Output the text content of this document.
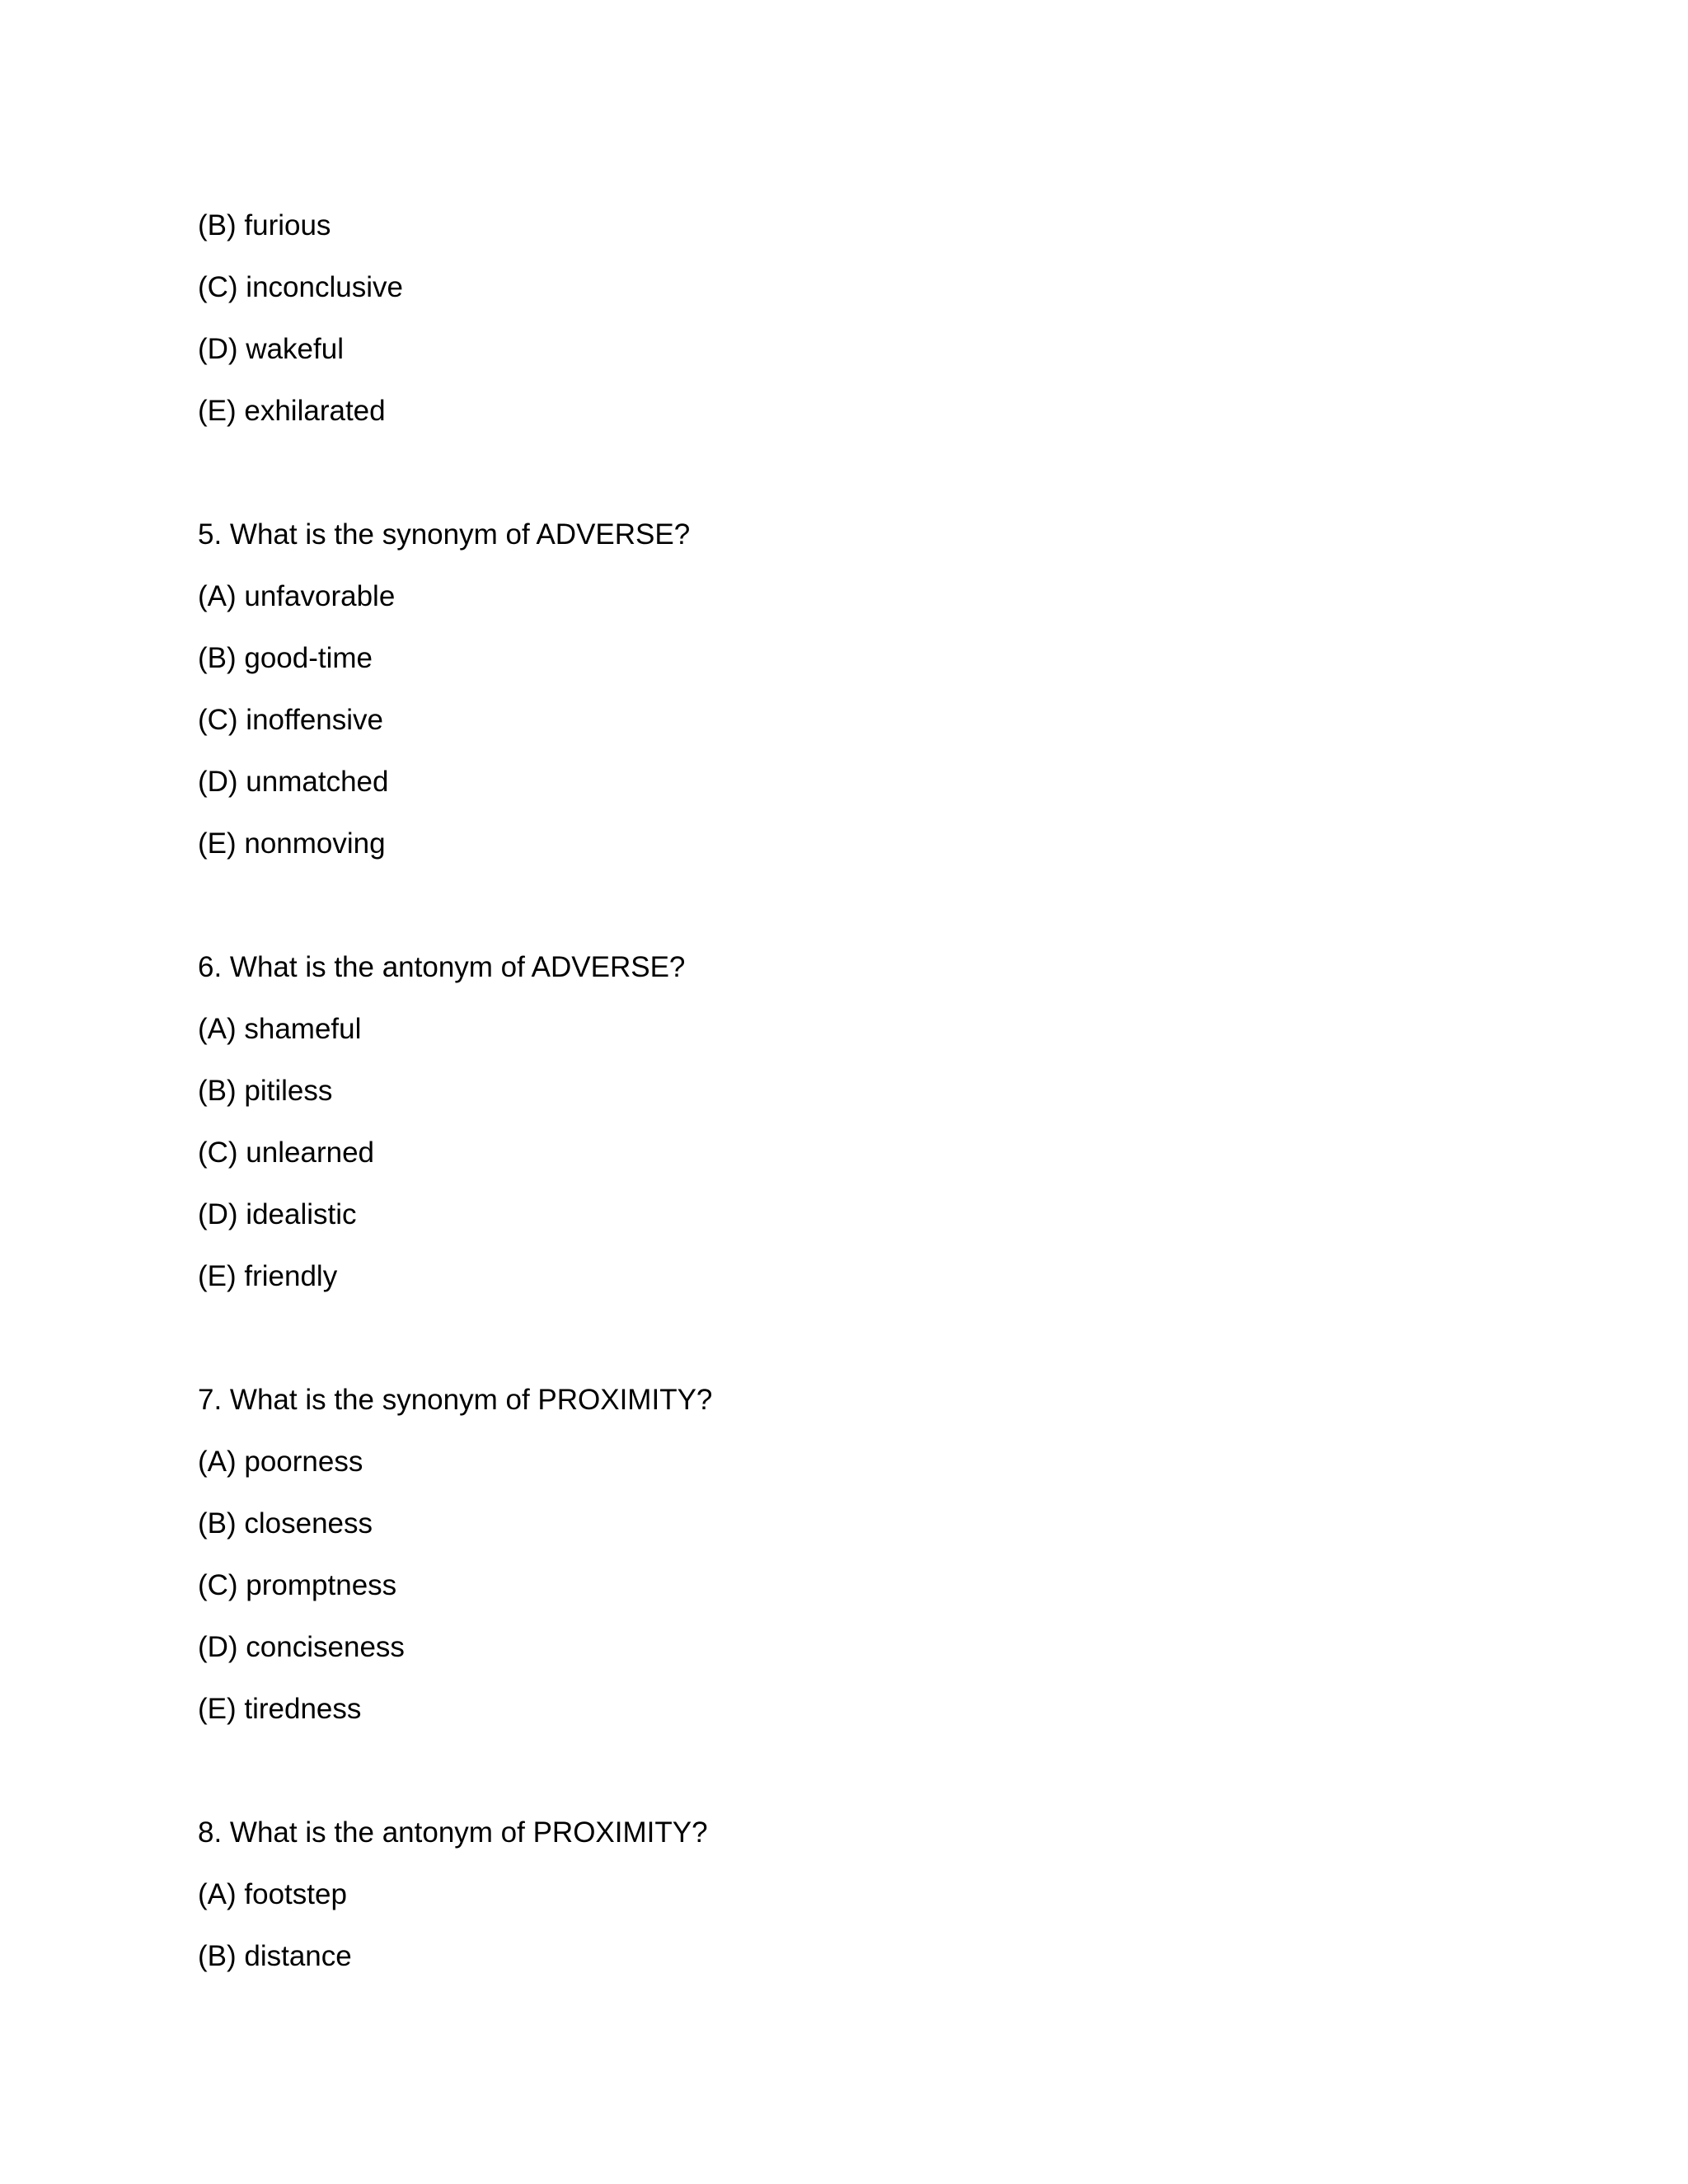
(B) furious
(C) inconclusive
(D) wakeful
(E) exhilarated
5. What is the synonym of ADVERSE?
(A) unfavorable
(B) good-time
(C) inoffensive
(D) unmatched
(E) nonmoving
6. What is the antonym of ADVERSE?
(A) shameful
(B) pitiless
(C) unlearned
(D) idealistic
(E) friendly
7. What is the synonym of PROXIMITY?
(A) poorness
(B) closeness
(C) promptness
(D) conciseness
(E) tiredness
8. What is the antonym of PROXIMITY?
(A) footstep
(B) distance
